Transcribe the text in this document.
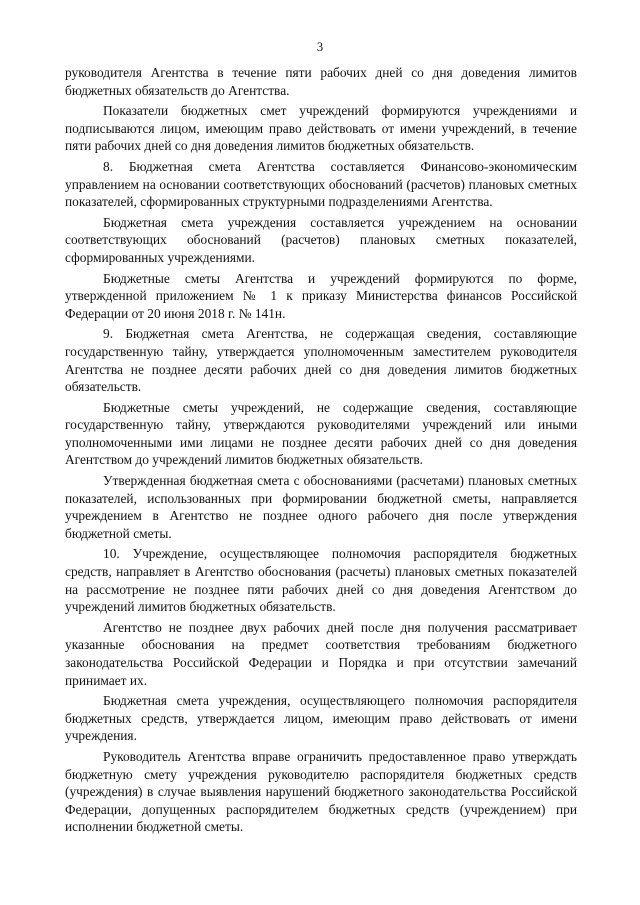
3

руководителя Агентства в течение пяти рабочих дней со дня доведения лимитов бюджетных обязательств до Агентства.

Показатели бюджетных смет учреждений формируются учреждениями и подписываются лицом, имеющим право действовать от имени учреждений, в течение пяти рабочих дней со дня доведения лимитов бюджетных обязательств.

8. Бюджетная смета Агентства составляется Финансово-экономическим управлением на основании соответствующих обоснований (расчетов) плановых сметных показателей, сформированных структурными подразделениями Агентства.

Бюджетная смета учреждения составляется учреждением на основании соответствующих обоснований (расчетов) плановых сметных показателей, сформированных учреждениями.

Бюджетные сметы Агентства и учреждений формируются по форме, утвержденной приложением № 1 к приказу Министерства финансов Российской Федерации от 20 июня 2018 г. № 141н.

9. Бюджетная смета Агентства, не содержащая сведения, составляющие государственную тайну, утверждается уполномоченным заместителем руководителя Агентства не позднее десяти рабочих дней со дня доведения лимитов бюджетных обязательств.

Бюджетные сметы учреждений, не содержащие сведения, составляющие государственную тайну, утверждаются руководителями учреждений или иными уполномоченными ими лицами не позднее десяти рабочих дней со дня доведения Агентством до учреждений лимитов бюджетных обязательств.

Утвержденная бюджетная смета с обоснованиями (расчетами) плановых сметных показателей, использованных при формировании бюджетной сметы, направляется учреждением в Агентство не позднее одного рабочего дня после утверждения бюджетной сметы.

10. Учреждение, осуществляющее полномочия распорядителя бюджетных средств, направляет в Агентство обоснования (расчеты) плановых сметных показателей на рассмотрение не позднее пяти рабочих дней со дня доведения Агентством до учреждений лимитов бюджетных обязательств.

Агентство не позднее двух рабочих дней после дня получения рассматривает указанные обоснования на предмет соответствия требованиям бюджетного законодательства Российской Федерации и Порядка и при отсутствии замечаний принимает их.

Бюджетная смета учреждения, осуществляющего полномочия распорядителя бюджетных средств, утверждается лицом, имеющим право действовать от имени учреждения.

Руководитель Агентства вправе ограничить предоставленное право утверждать бюджетную смету учреждения руководителю распорядителя бюджетных средств (учреждения) в случае выявления нарушений бюджетного законодательства Российской Федерации, допущенных распорядителем бюджетных средств (учреждением) при исполнении бюджетной сметы.
